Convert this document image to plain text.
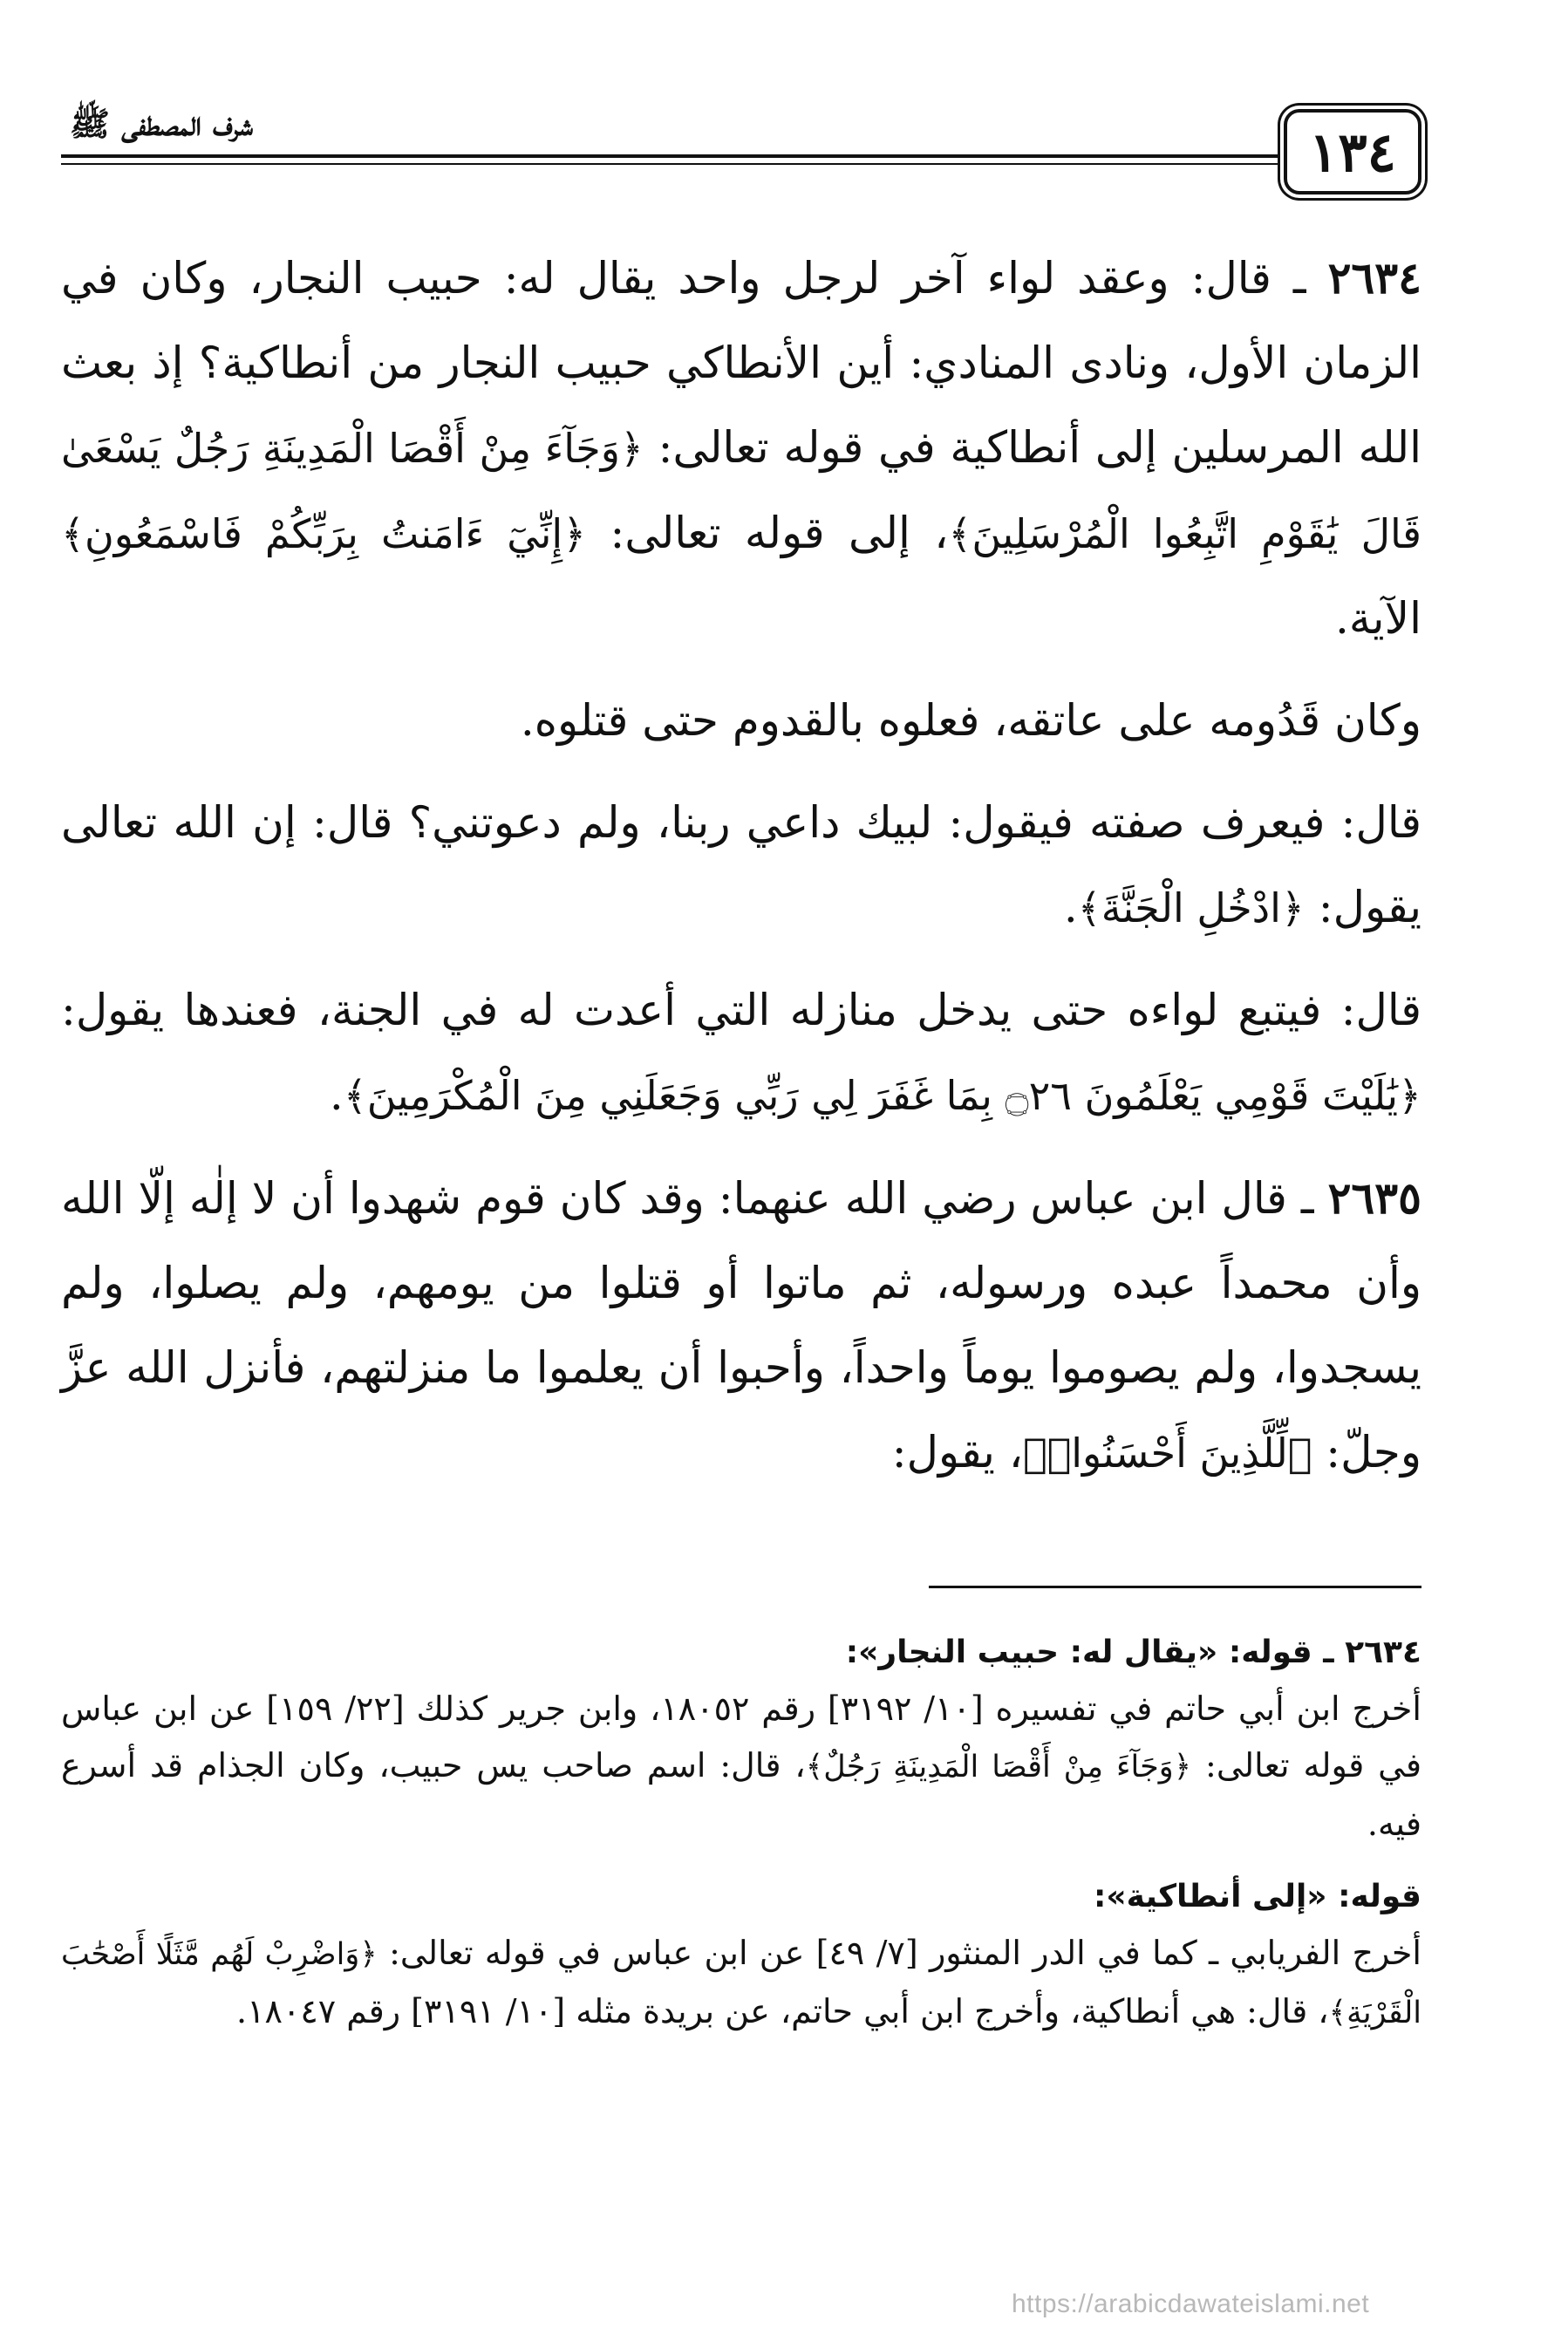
١٣٤
شرف المصطفى ﷺ

٢٦٣٤ ـ قال: وعقد لواء آخر لرجل واحد يقال له: حبيب النجار، وكان في الزمان الأول، ونادى المنادي: أين الأنطاكي حبيب النجار من أنطاكية؟ إذ بعث الله المرسلين إلى أنطاكية في قوله تعالى: ﴿وَجَآءَ مِنْ أَقْصَا الْمَدِينَةِ رَجُلٌ يَسْعَىٰ قَالَ يَٰقَوْمِ اتَّبِعُوا الْمُرْسَلِينَ﴾، إلى قوله تعالى: ﴿إِنِّيٓ ءَامَنتُ بِرَبِّكُمْ فَاسْمَعُونِ﴾ الآية.

وكان قَدُومه على عاتقه، فعلوه بالقدوم حتى قتلوه.

قال: فيعرف صفته فيقول: لبيك داعي ربنا، ولم دعوتني؟ قال: إن الله تعالى يقول: ﴿ادْخُلِ الْجَنَّةَ﴾.

قال: فيتبع لواءه حتى يدخل منازله التي أعدت له في الجنة، فعندها يقول: ﴿يَٰلَيْتَ قَوْمِي يَعْلَمُونَ ۝٢٦ بِمَا غَفَرَ لِي رَبِّي وَجَعَلَنِي مِنَ الْمُكْرَمِينَ﴾.

٢٦٣٥ ـ قال ابن عباس رضي الله عنهما: وقد كان قوم شهدوا أن لا إلٰه إلّا الله وأن محمداً عبده ورسوله، ثم ماتوا أو قتلوا من يومهم، ولم يصلوا، ولم يسجدوا، ولم يصوموا يوماً واحداً، وأحبوا أن يعلموا ما منزلتهم، فأنزل الله عزَّ وجلّ: ﴿لِّلَّذِينَ أَحْسَنُوا۟﴾، يقول:

٢٦٣٤ ـ قوله: «يقال له: حبيب النجار»:

أخرج ابن أبي حاتم في تفسيره [١٠/ ٣١٩٢] رقم ١٨٠٥٢، وابن جرير كذلك [٢٢/ ١٥٩] عن ابن عباس في قوله تعالى: ﴿وَجَآءَ مِنْ أَقْصَا الْمَدِينَةِ رَجُلٌ﴾، قال: اسم صاحب يس حبيب، وكان الجذام قد أسرع فيه.

قوله: «إلى أنطاكية»:

أخرج الفريابي ـ كما في الدر المنثور [٧/ ٤٩] عن ابن عباس في قوله تعالى: ﴿وَاضْرِبْ لَهُم مَّثَلًا أَصْحَٰبَ الْقَرْيَةِ﴾، قال: هي أنطاكية، وأخرج ابن أبي حاتم، عن بريدة مثله [١٠/ ٣١٩١] رقم ١٨٠٤٧.

https://arabicdawateislami.net
